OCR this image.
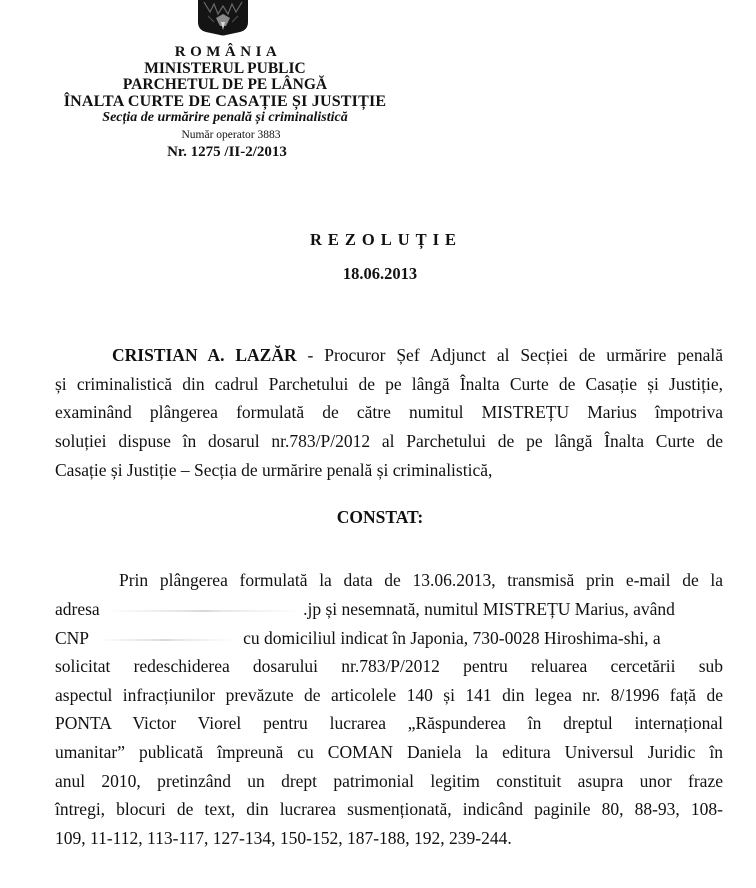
ROMÂNIA
MINISTERUL PUBLIC
PARCHETUL DE PE LÂNGĂ
ÎNALTA CURTE DE CASAȚIE ȘI JUSTIȚIE
Secția de urmărire penală și criminalistică
Număr operator 3883
Nr. 1275 /II-2/2013
REZOLUȚIE
18.06.2013
CRISTIAN A. LAZĂR - Procuror Șef Adjunct al Secției de urmărire penală
și criminalistică din cadrul Parchetului de pe lângă Înalta Curte de Casație și Justiție,
examinând plângerea formulată de către numitul MISTREȚU Marius împotriva
soluției dispuse în dosarul nr.783/P/2012 al Parchetului de pe lângă Înalta Curte de
Casație și Justiție – Secția de urmărire penală și criminalistică,
CONSTAT:
Prin plângerea formulată la data de 13.06.2013, transmisă prin e-mail de la
adresa	.jp și nesemnată, numitul MISTREȚU Marius, având
CNP	cu domiciliul indicat în Japonia, 730-0028 Hiroshima-shi, a
solicitat redeschiderea dosarului nr.783/P/2012 pentru reluarea cercetării sub
aspectul infracțiunilor prevăzute de articolele 140 și 141 din legea nr. 8/1996 față de
PONTA Victor Viorel pentru lucrarea „Răspunderea în dreptul internațional
umanitar” publicată împreună cu COMAN Daniela la editura Universul Juridic în
anul 2010, pretinzând un drept patrimonial legitim constituit asupra unor fraze
întregi, blocuri de text, din lucrarea susmenționată, indicând paginile 80, 88-93, 108-
109, 11-112, 113-117, 127-134, 150-152, 187-188, 192, 239-244.
